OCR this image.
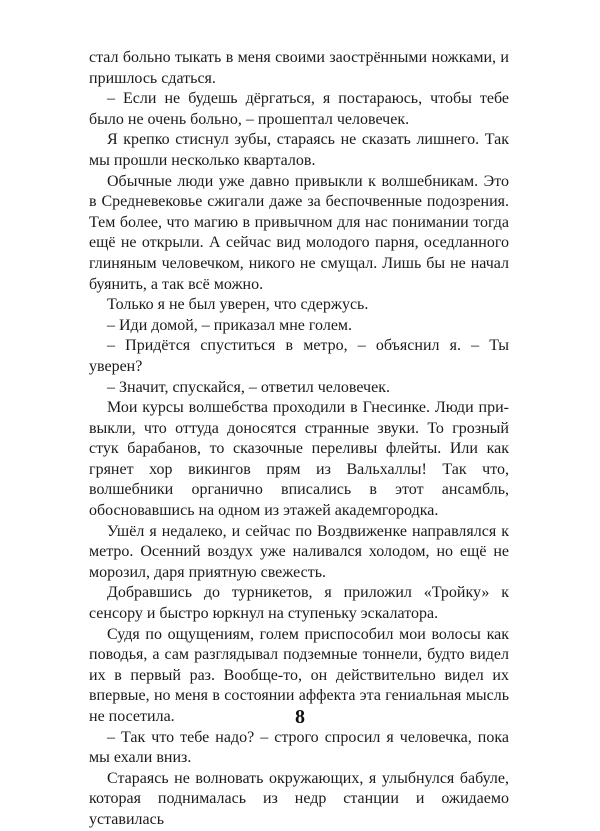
стал больно тыкать в меня своими заострёнными ножками, и пришлось сдаться.

– Если не будешь дёргаться, я постараюсь, чтобы тебе было не очень больно, – прошептал человечек.

Я крепко стиснул зубы, стараясь не сказать лишнего. Так мы прошли несколько кварталов.

Обычные люди уже давно привыкли к волшебникам. Это в Средневековье сжигали даже за беспочвенные подозрения. Тем более, что магию в привычном для нас понимании тогда ещё не открыли. А сейчас вид молодого парня, оседланного глиняным человечком, никого не смущал. Лишь бы не начал буянить, а так всё можно.

Только я не был уверен, что сдержусь.

– Иди домой, – приказал мне голем.

– Придётся спуститься в метро, – объяснил я. – Ты уверен?

– Значит, спускайся, – ответил человечек.

Мои курсы волшебства проходили в Гнесинке. Люди привыкли, что оттуда доносятся странные звуки. То грозный стук барабанов, то сказочные переливы флейты. Или как грянет хор викингов прям из Вальхаллы! Так что, волшебники органично вписались в этот ансамбль, обосновавшись на одном из этажей академгородка.

Ушёл я недалеко, и сейчас по Воздвиженке направлялся к метро. Осенний воздух уже наливался холодом, но ещё не морозил, даря приятную свежесть.

Добравшись до турникетов, я приложил «Тройку» к сенсору и быстро юркнул на ступеньку эскалатора.

Судя по ощущениям, голем приспособил мои волосы как поводья, а сам разглядывал подземные тоннели, будто видел их в первый раз. Вообще-то, он действительно видел их впервые, но меня в состоянии аффекта эта гениальная мысль не посетила.

– Так что тебе надо? – строго спросил я человечка, пока мы ехали вниз.

Стараясь не волновать окружающих, я улыбнулся бабуле, которая поднималась из недр станции и ожидаемо уставилась

8
